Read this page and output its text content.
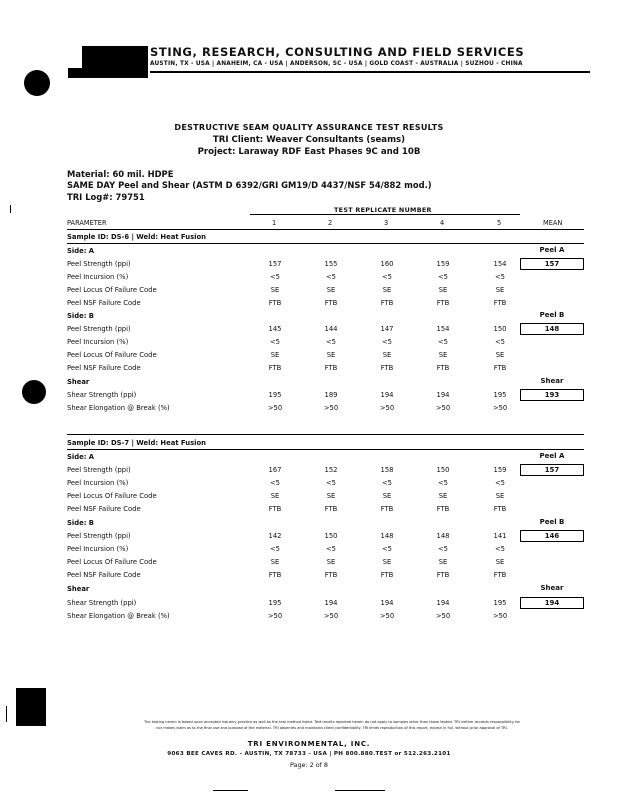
STING, RESEARCH, CONSULTING AND FIELD SERVICES
AUSTIN, TX - USA | ANAHEIM, CA - USA | ANDERSON, SC - USA | GOLD COAST - AUSTRALIA | SUZHOU - CHINA
DESTRUCTIVE SEAM QUALITY ASSURANCE TEST RESULTS
TRI Client: Weaver Consultants (seams)
Project: Laraway RDF East Phases 9C and 10B
Material: 60 mil. HDPE
SAME DAY Peel and Shear (ASTM D 6392/GRI GM19/D 4437/NSF 54/882 mod.)
TRI Log#: 79751
TEST REPLICATE NUMBER
PARAMETER	1	2	3	4	5	MEAN
Sample ID: DS-6 | Weld: Heat Fusion
Side: A	Peel A
Peel Strength (ppi)	157	155	160	159	154	157
Peel Incursion (%)	<5	<5	<5	<5	<5
Peel Locus Of Failure Code	SE	SE	SE	SE	SE
Peel NSF Failure Code	FTB	FTB	FTB	FTB	FTB
Side: B	Peel B
Peel Strength (ppi)	145	144	147	154	150	148
Peel Incursion (%)	<5	<5	<5	<5	<5
Peel Locus Of Failure Code	SE	SE	SE	SE	SE
Peel NSF Failure Code	FTB	FTB	FTB	FTB	FTB
Shear	Shear
Shear Strength (ppi)	195	189	194	194	195	193
Shear Elongation @ Break (%)	>50	>50	>50	>50	>50
Sample ID: DS-7 | Weld: Heat Fusion
Side: A	Peel A
Peel Strength (ppi)	167	152	158	150	159	157
Peel Incursion (%)	<5	<5	<5	<5	<5
Peel Locus Of Failure Code	SE	SE	SE	SE	SE
Peel NSF Failure Code	FTB	FTB	FTB	FTB	FTB
Side: B	Peel B
Peel Strength (ppi)	142	150	148	148	141	146
Peel Incursion (%)	<5	<5	<5	<5	<5
Peel Locus Of Failure Code	SE	SE	SE	SE	SE
Peel NSF Failure Code	FTB	FTB	FTB	FTB	FTB
Shear	Shear
Shear Strength (ppi)	195	194	194	194	195	194
Shear Elongation @ Break (%)	>50	>50	>50	>50	>50
The testing herein is based upon accepted industry practice as well as the test method listed. Test results reported herein do not apply to samples other than those tested. TRI neither accepts responsibility for
nor makes claim as to the final use and purpose of the material. TRI observes and maintains client confidentiality. TRI limits reproduction of this report, except in full, without prior approval of TRI.
TRI ENVIRONMENTAL, INC.
9063 BEE CAVES RD. - AUSTIN, TX 78733 - USA | PH 800.880.TEST or 512.263.2101
Page: 2 of 8
